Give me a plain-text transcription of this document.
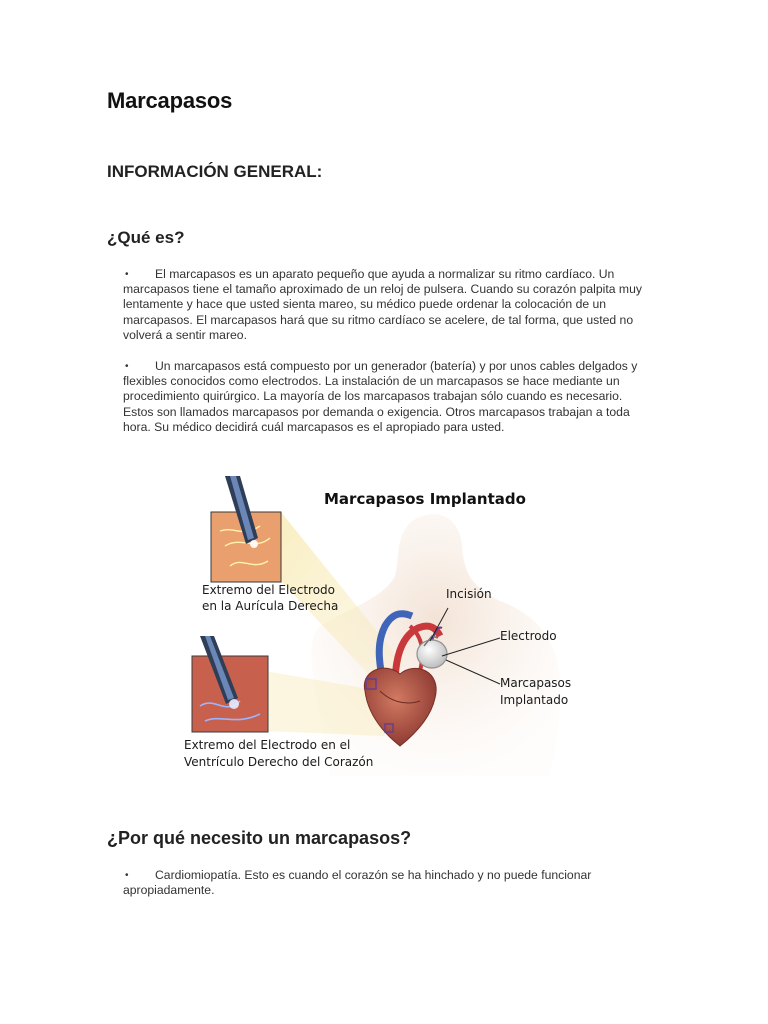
Marcapasos
INFORMACIÓN GENERAL:
¿Qué es?
• El marcapasos es un aparato pequeño que ayuda a normalizar su ritmo cardíaco. Un marcapasos tiene el tamaño aproximado de un reloj de pulsera. Cuando su corazón palpita muy lentamente y hace que usted sienta mareo, su médico puede ordenar la colocación de un marcapasos. El marcapasos hará que su ritmo cardíaco se acelere, de tal forma, que usted no volverá a sentir mareo.
• Un marcapasos está compuesto por un generador (batería) y por unos cables delgados y flexibles conocidos como electrodos. La instalación de un marcapasos se hace mediante un procedimiento quirúrgico. La mayoría de los marcapasos trabajan sólo cuando es necesario. Estos son llamados marcapasos por demanda o exigencia. Otros marcapasos trabajan a toda hora. Su médico decidirá cuál marcapasos es el apropiado para usted.
Marcapasos Implantado
Extremo del Electrodo
en la Aurícula Derecha
Incisión
Electrodo
Marcapasos
Implantado
Extremo del Electrodo en el
Ventrículo Derecho del Corazón
¿Por qué necesito un marcapasos?
• Cardiomiopatía. Esto es cuando el corazón se ha hinchado y no puede funcionar apropiadamente.
